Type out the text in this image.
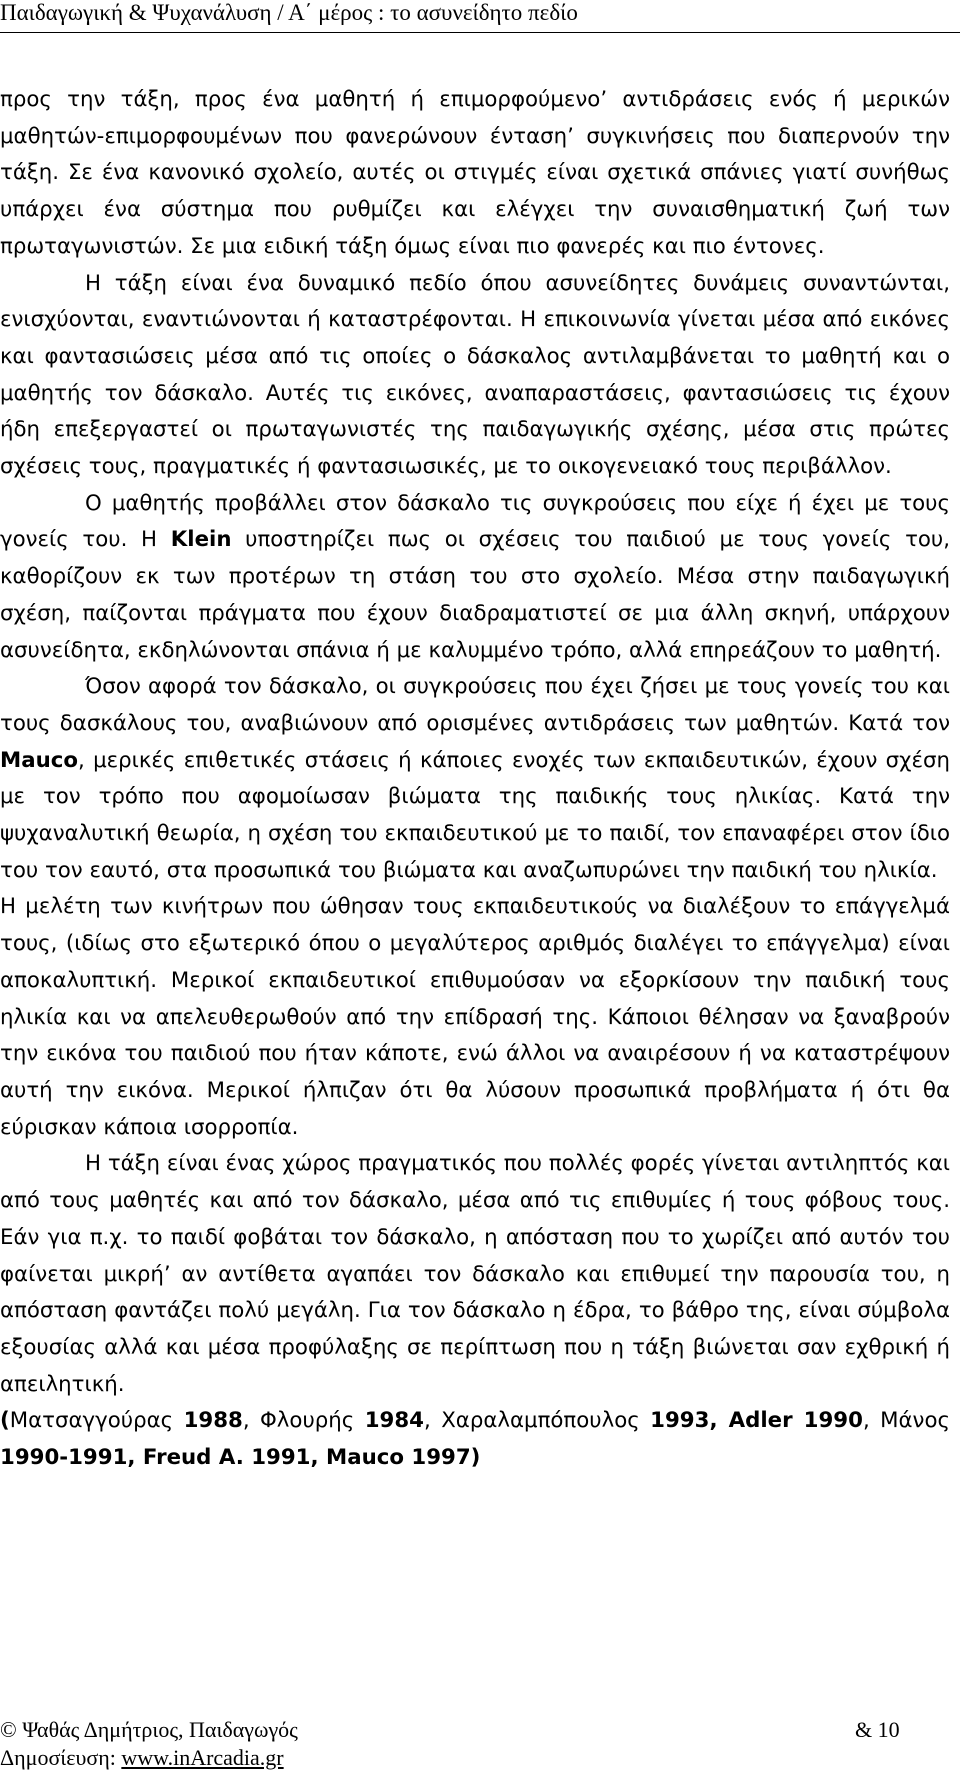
Παιδαγωγική & Ψυχανάλυση / Α΄ μέρος : το ασυνείδητο πεδίο

προς την τάξη, προς ένα μαθητή ή επιμορφούμενο’ αντιδράσεις ενός ή μερικών μαθητών-επιμορφουμένων που φανερώνουν ένταση’ συγκινήσεις που διαπερνούν την τάξη. Σε ένα κανονικό σχολείο, αυτές οι στιγμές είναι σχετικά σπάνιες γιατί συνήθως υπάρχει ένα σύστημα που ρυθμίζει και ελέγχει την συναισθηματική ζωή των πρωταγωνιστών. Σε μια ειδική τάξη όμως είναι πιο φανερές και πιο έντονες.

Η τάξη είναι ένα δυναμικό πεδίο όπου ασυνείδητες δυνάμεις συναντώνται, ενισχύονται, εναντιώνονται ή καταστρέφονται. Η επικοινωνία γίνεται μέσα από εικόνες και φαντασιώσεις μέσα από τις οποίες ο δάσκαλος αντιλαμβάνεται το μαθητή και ο μαθητής τον δάσκαλο. Αυτές τις εικόνες, αναπαραστάσεις, φαντασιώσεις τις έχουν ήδη επεξεργαστεί οι πρωταγωνιστές της παιδαγωγικής σχέσης, μέσα στις πρώτες σχέσεις τους, πραγματικές ή φαντασιωσικές, με το οικογενειακό τους περιβάλλον.

Ο μαθητής προβάλλει στον δάσκαλο τις συγκρούσεις που είχε ή έχει με τους γονείς του. Η Klein υποστηρίζει πως οι σχέσεις του παιδιού με τους γονείς του, καθορίζουν εκ των προτέρων τη στάση του στο σχολείο. Μέσα στην παιδαγωγική σχέση, παίζονται πράγματα που έχουν διαδραματιστεί σε μια άλλη σκηνή, υπάρχουν ασυνείδητα, εκδηλώνονται σπάνια ή με καλυμμένο τρόπο, αλλά επηρεάζουν το μαθητή.

Όσον αφορά τον δάσκαλο, οι συγκρούσεις που έχει ζήσει με τους γονείς του και τους δασκάλους του, αναβιώνουν από ορισμένες αντιδράσεις των μαθητών. Κατά τον Mauco, μερικές επιθετικές στάσεις ή κάποιες ενοχές των εκπαιδευτικών, έχουν σχέση με τον τρόπο που αφομοίωσαν βιώματα της παιδικής τους ηλικίας. Κατά την ψυχαναλυτική θεωρία, η σχέση του εκπαιδευτικού με το παιδί, τον επαναφέρει στον ίδιο του τον εαυτό, στα προσωπικά του βιώματα και αναζωπυρώνει την παιδική του ηλικία.

Η μελέτη των κινήτρων που ώθησαν τους εκπαιδευτικούς να διαλέξουν το επάγγελμά τους, (ιδίως στο εξωτερικό όπου ο μεγαλύτερος αριθμός διαλέγει το επάγγελμα) είναι αποκαλυπτική. Μερικοί εκπαιδευτικοί επιθυμούσαν να εξορκίσουν την παιδική τους ηλικία και να απελευθερωθούν από την επίδρασή της. Κάποιοι θέλησαν να ξαναβρούν την εικόνα του παιδιού που ήταν κάποτε, ενώ άλλοι να αναιρέσουν ή να καταστρέψουν αυτή την εικόνα. Μερικοί ήλπιζαν ότι θα λύσουν προσωπικά προβλήματα ή ότι θα εύρισκαν κάποια ισορροπία.

Η τάξη είναι ένας χώρος πραγματικός που πολλές φορές γίνεται αντιληπτός και από τους μαθητές και από τον δάσκαλο, μέσα από τις επιθυμίες ή τους φόβους τους. Εάν για π.χ. το παιδί φοβάται τον δάσκαλο, η απόσταση που το χωρίζει από αυτόν του φαίνεται μικρή’ αν αντίθετα αγαπάει τον δάσκαλο και επιθυμεί την παρουσία του, η απόσταση φαντάζει πολύ μεγάλη. Για τον δάσκαλο η έδρα, το βάθρο της, είναι σύμβολα εξουσίας αλλά και μέσα προφύλαξης σε περίπτωση που η τάξη βιώνεται σαν εχθρική ή απειλητική.

(Ματσαγγούρας 1988, Φλουρής 1984, Χαραλαμπόπουλος 1993, Adler 1990, Μάνος 1990-1991, Freud A. 1991, Mauco 1997)

© Ψαθάς Δημήτριος, Παιδαγωγός	& 10
Δημοσίευση: www.inArcadia.gr
